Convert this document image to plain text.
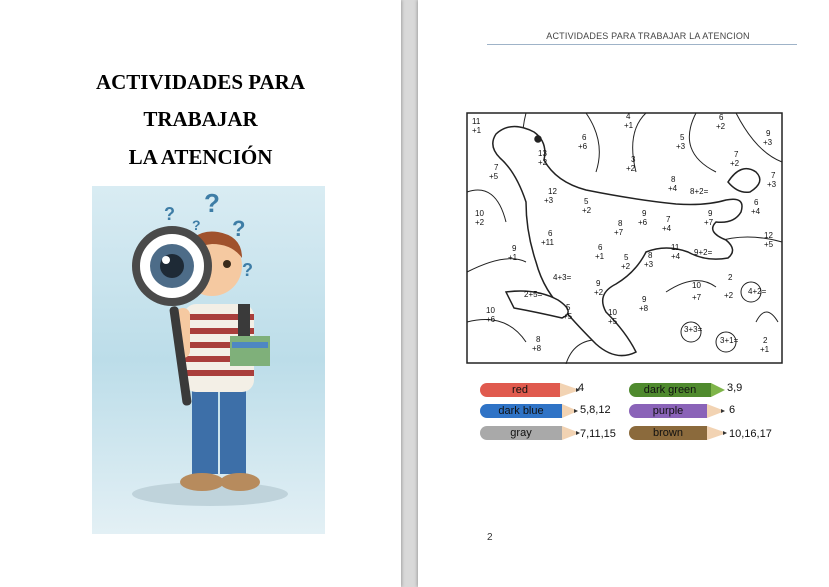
ACTIVIDADES PARA
TRABAJAR
LA ATENCIÓN
? ?
?
?
?
ACTIVIDADES PARA TRABAJAR LA ATENCION
11
+1
4
+1
6
+2
6
+6
5
+3
9
+3
13
+2	3
+2
7
+2
7
+5	7
+3
12
+3
8
+4 8+2=
5
+2
6
+4
10
+2
9
+6
8
+7
7
+4
9
+7
12
+5
6
+11
6
+1
11
+4 9+2=
9
+1	5
+2
8
+3
4+3=	2
+2
10
+7
4+2=
2+5=
9
+2
9
+8
5
+5	10
+5
10
+6
3+3=
3+1=
8
+8
2
+1
red	4	dark green	3,9
dark blue	5,8,12	purple	6
gray	7,11,15	brown	10,16,17
2
